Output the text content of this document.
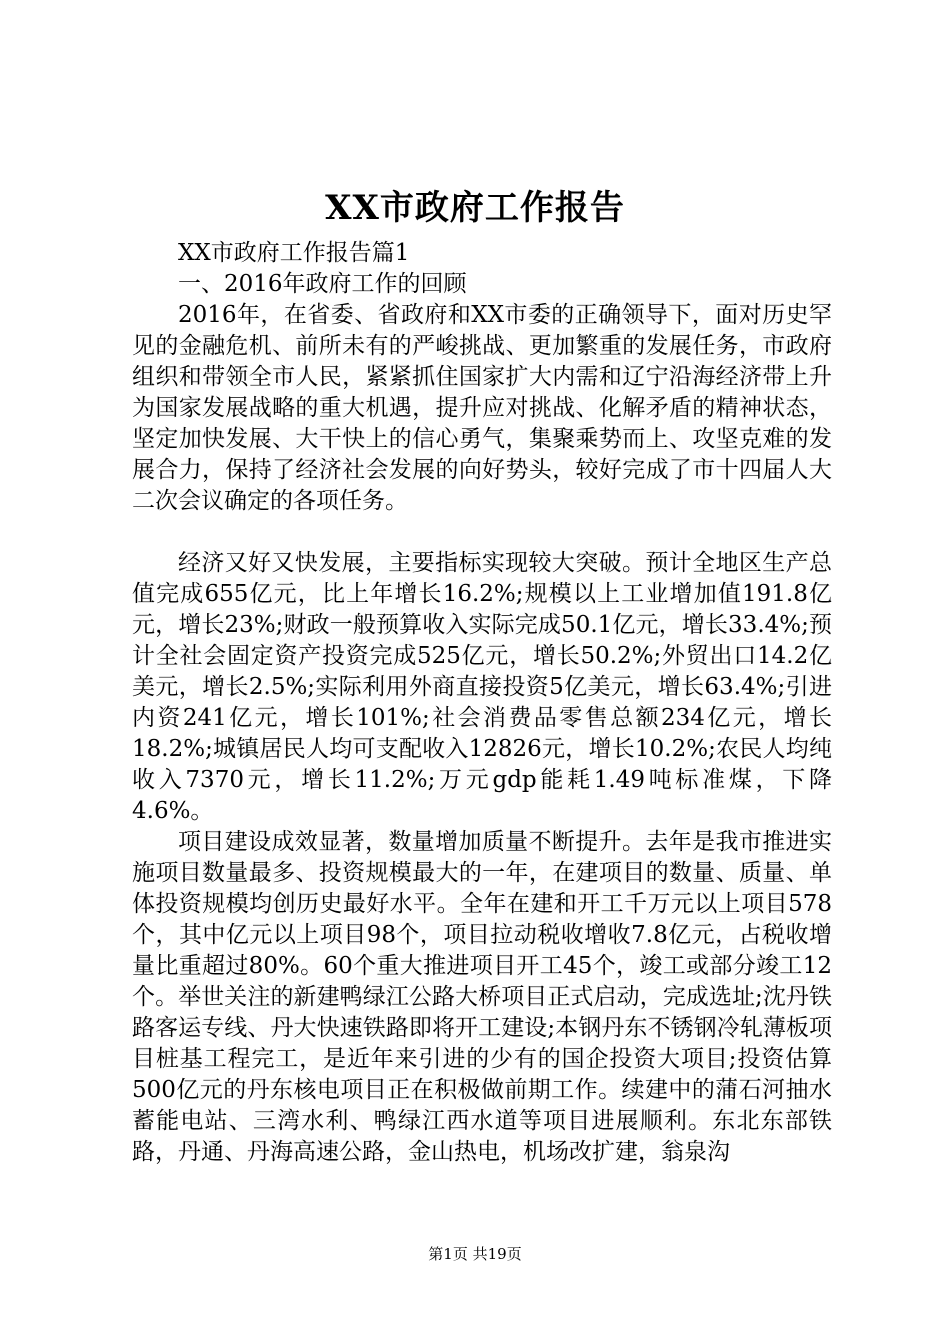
XX市政府工作报告

XX市政府工作报告篇1

一、2016年政府工作的回顾

2016年，在省委、省政府和XX市委的正确领导下，面对历史罕见的金融危机、前所未有的严峻挑战、更加繁重的发展任务，市政府组织和带领全市人民，紧紧抓住国家扩大内需和辽宁沿海经济带上升为国家发展战略的重大机遇，提升应对挑战、化解矛盾的精神状态，坚定加快发展、大干快上的信心勇气，集聚乘势而上、攻坚克难的发展合力，保持了经济社会发展的向好势头，较好完成了市十四届人大二次会议确定的各项任务。

经济又好又快发展，主要指标实现较大突破。预计全地区生产总值完成655亿元，比上年增长16.2%;规模以上工业增加值191.8亿元，增长23%;财政一般预算收入实际完成50.1亿元，增长33.4%;预计全社会固定资产投资完成525亿元，增长50.2%;外贸出口14.2亿美元，增长2.5%;实际利用外商直接投资5亿美元，增长63.4%;引进内资241亿元，增长101%;社会消费品零售总额234亿元，增长18.2%;城镇居民人均可支配收入12826元，增长10.2%;农民人均纯收入7370元，增长11.2%;万元gdp能耗1.49吨标准煤，下降4.6%。

项目建设成效显著，数量增加质量不断提升。去年是我市推进实施项目数量最多、投资规模最大的一年，在建项目的数量、质量、单体投资规模均创历史最好水平。全年在建和开工千万元以上项目578个，其中亿元以上项目98个，项目拉动税收增收7.8亿元，占税收增量比重超过80%。60个重大推进项目开工45个，竣工或部分竣工12个。举世关注的新建鸭绿江公路大桥项目正式启动，完成选址;沈丹铁路客运专线、丹大快速铁路即将开工建设;本钢丹东不锈钢冷轧薄板项目桩基工程完工，是近年来引进的少有的国企投资大项目;投资估算500亿元的丹东核电项目正在积极做前期工作。续建中的蒲石河抽水蓄能电站、三湾水利、鸭绿江西水道等项目进展顺利。东北东部铁路，丹通、丹海高速公路，金山热电，机场改扩建，翁泉沟

第1页 共19页
